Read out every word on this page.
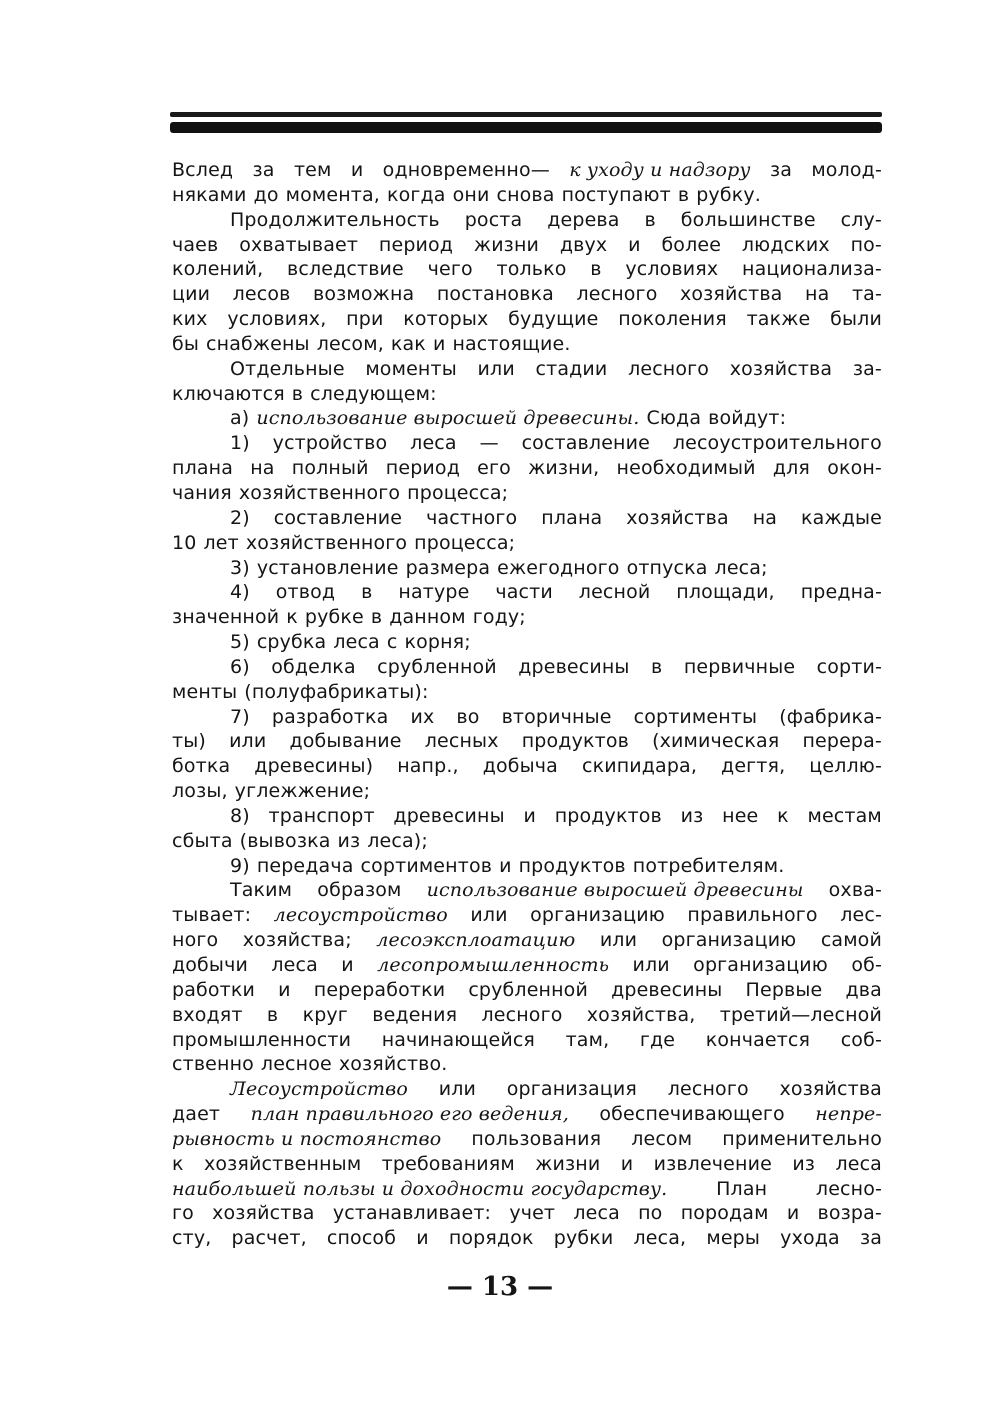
Вслед за тем и одновременно— к уходу и надзору за молод-
няками до момента, когда они снова поступают в рубку.
Продолжительность роста дерева в большинстве слу-
чаев охватывает период жизни двух и более людских по-
колений, вследствие чего только в условиях национализа-
ции лесов возможна постановка лесного хозяйства на та-
ких условиях, при которых будущие поколения также были
бы снабжены лесом, как и настоящие.
Отдельные моменты или стадии лесного хозяйства за-
ключаются в следующем:
а) использование выросшей древесины. Сюда войдут:
1) устройство леса — составление лесоустроительного
плана на полный период его жизни, необходимый для окон-
чания хозяйственного процесса;
2) составление частного плана хозяйства на каждые
10 лет хозяйственного процесса;
3) установление размера ежегодного отпуска леса;
4) отвод в натуре части лесной площади, предна-
значенной к рубке в данном году;
5) срубка леса с корня;
6) обделка срубленной древесины в первичные сорти-
менты (полуфабрикаты):
7) разработка их во вторичные сортименты (фабрика-
ты) или добывание лесных продуктов (химическая перера-
ботка древесины) напр., добыча скипидара, дегтя, целлю-
лозы, углежжение;
8) транспорт древесины и продуктов из нее к местам
сбыта (вывозка из леса);
9) передача сортиментов и продуктов потребителям.
Таким образом использование выросшей древесины охва-
тывает: лесоустройство или организацию правильного лес-
ного хозяйства; лесоэксплоатацию или организацию самой
добычи леса и лесопромышленность или организацию об-
работки и переработки срубленной древесины Первые два
входят в круг ведения лесного хозяйства, третий—лесной
промышленности начинающейся там, где кончается соб-
ственно лесное хозяйство.
Лесоустройство или организация лесного хозяйства
дает план правильного его ведения, обеспечивающего непре-
рывность и постоянство пользования лесом применительно
к хозяйственным требованиям жизни и извлечение из леса
наибольшей пользы и доходности государству.	План	лесно-
го хозяйства устанавливает: учет леса по породам и возра-
сту, расчет, способ и порядок рубки леса, меры ухода за
— 13 —
